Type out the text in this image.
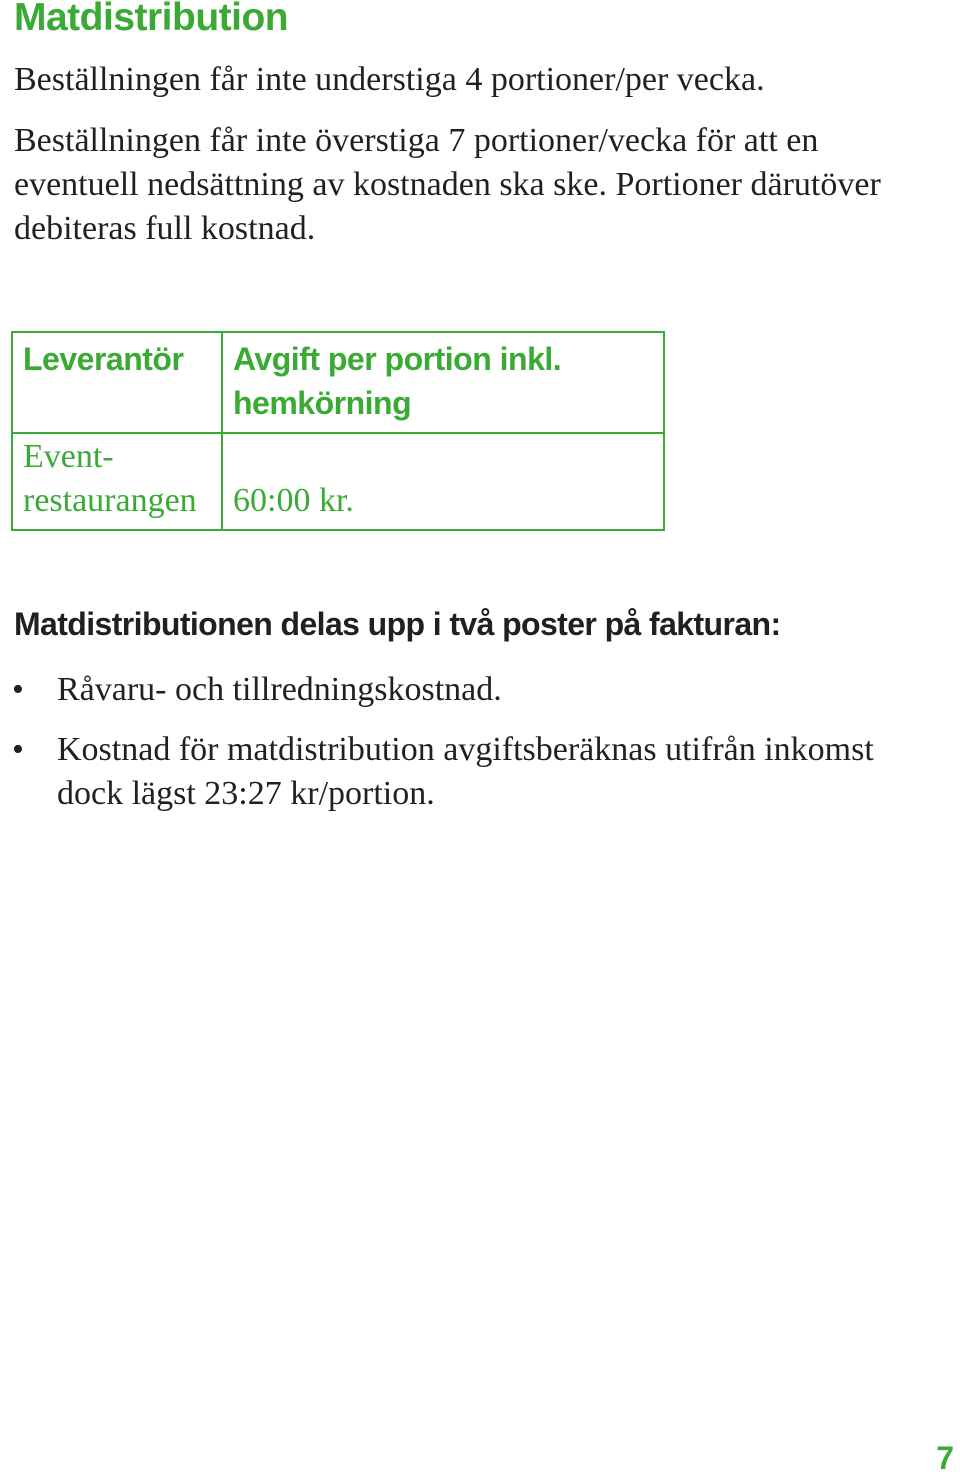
Matdistribution

Beställningen får inte understiga 4 portioner/per vecka.

Beställningen får inte överstiga 7 portioner/vecka för att en eventuell nedsättning av kostnaden ska ske. Portioner därutöver debiteras full kostnad.

Leverantör	Avgift per portion inkl. hemkörning
Event-restaurangen	60:00 kr.
Matdistributionen delas upp i två poster på fakturan:
• Råvaru- och tillredningskostnad.
• Kostnad för matdistribution avgiftsberäknas utifrån inkomst dock lägst 23:27 kr/portion.
7
